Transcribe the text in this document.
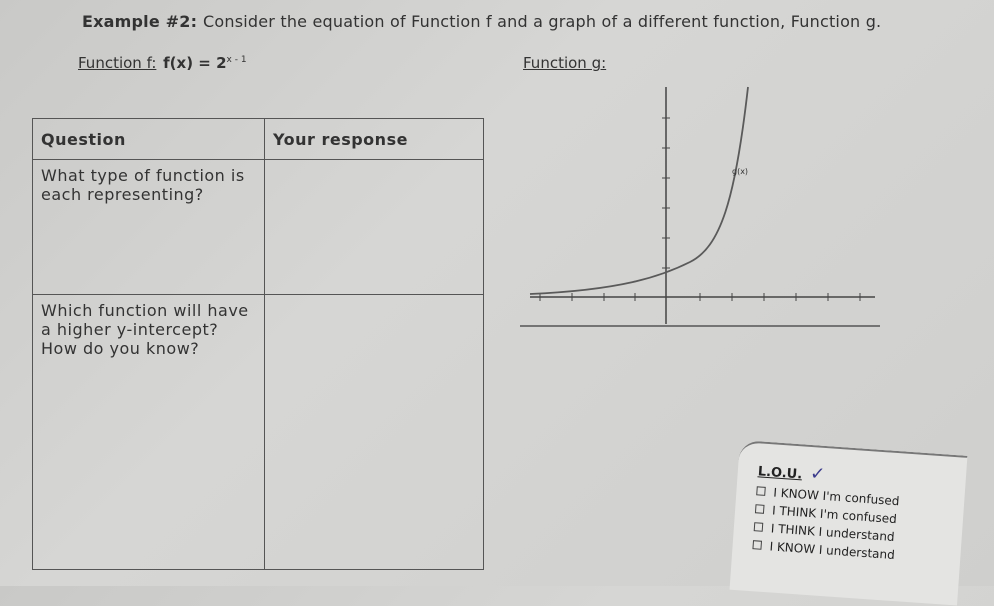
Example #2: Consider the equation of Function f and a graph of a different function, Function g.
Function f: $f(x) = 2^{x - 1}$	Function g:
Question	Your response
What type of function is each representing?	
Which function will have a higher y-intercept? How do you know?	
g(x)
L.O.U. ✓
I KNOW I'm confused
I THINK I'm confused
I THINK I understand
I KNOW I understand
